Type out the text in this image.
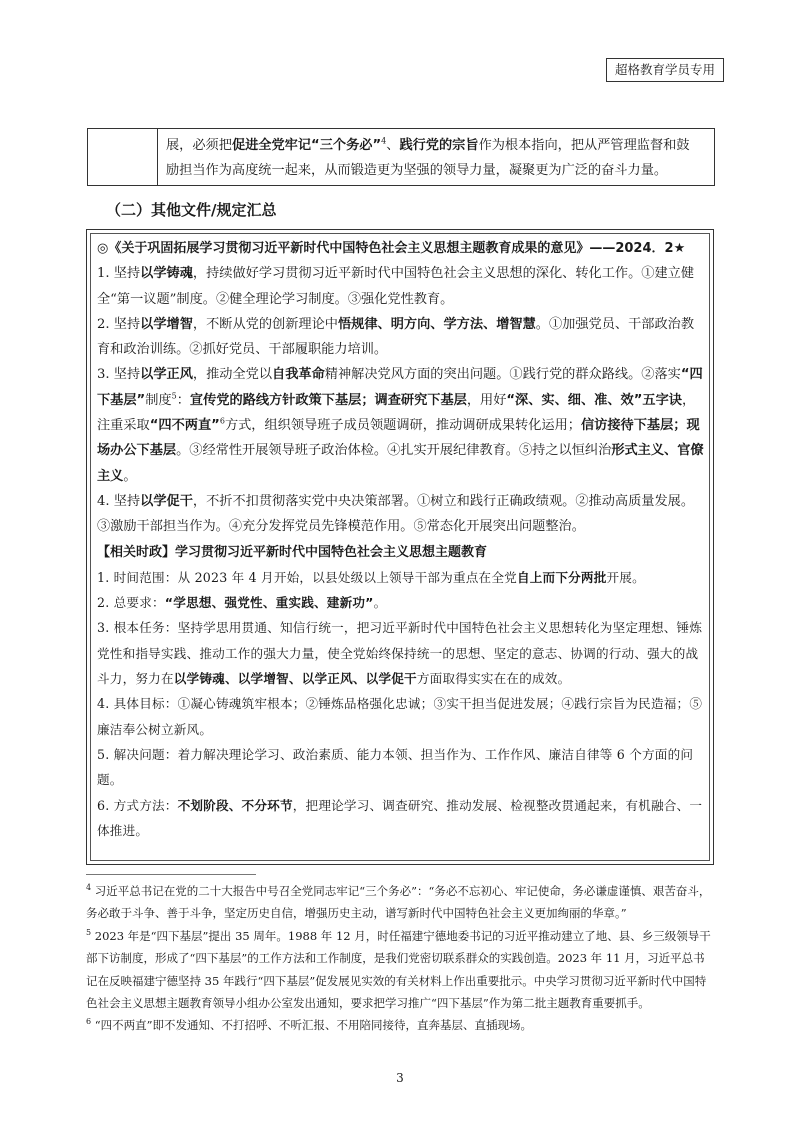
超格教育学员专用
展，必须把促进全党牢记“三个务必”$^4$、践行党的宗旨作为根本指向，把从严管理监督和鼓
励担当作为高度统一起来，从而锻造更为坚强的领导力量，凝聚更为广泛的奋斗力量。
（二）其他文件/规定汇总

◎《关于巩固拓展学习贯彻习近平新时代中国特色社会主义思想主题教育成果的意见》——2024．2★

1. 坚持以学铸魂，持续做好学习贯彻习近平新时代中国特色社会主义思想的深化、转化工作。①建立健全“第一议题”制度。②健全理论学习制度。③强化党性教育。

2. 坚持以学增智，不断从党的创新理论中悟规律、明方向、学方法、增智慧。①加强党员、干部政治教育和政治训练。②抓好党员、干部履职能力培训。

3. 坚持以学正风，推动全党以自我革命精神解决党风方面的突出问题。①践行党的群众路线。②落实“四下基层”制度$^5$：宣传党的路线方针政策下基层；调查研究下基层，用好“深、实、细、准、效”五字诀，注重采取“四不两直”$^6$方式，组织领导班子成员领题调研，推动调研成果转化运用；信访接待下基层；现场办公下基层。③经常性开展领导班子政治体检。④扎实开展纪律教育。⑤持之以恒纠治形式主义、官僚主义。

4. 坚持以学促干，不折不扣贯彻落实党中央决策部署。①树立和践行正确政绩观。②推动高质量发展。③激励干部担当作为。④充分发挥党员先锋模范作用。⑤常态化开展突出问题整治。

【相关时政】学习贯彻习近平新时代中国特色社会主义思想主题教育

1. 时间范围：从 2023 年 4 月开始，以县处级以上领导干部为重点在全党自上而下分两批开展。

2. 总要求：“学思想、强党性、重实践、建新功”。

3. 根本任务：坚持学思用贯通、知信行统一，把习近平新时代中国特色社会主义思想转化为坚定理想、锤炼党性和指导实践、推动工作的强大力量，使全党始终保持统一的思想、坚定的意志、协调的行动、强大的战斗力，努力在以学铸魂、以学增智、以学正风、以学促干方面取得实实在在的成效。

4. 具体目标：①凝心铸魂筑牢根本；②锤炼品格强化忠诚；③实干担当促进发展；④践行宗旨为民造福；⑤廉洁奉公树立新风。

5. 解决问题：着力解决理论学习、政治素质、能力本领、担当作为、工作作风、廉洁自律等 6 个方面的问题。

6. 方式方法：不划阶段、不分环节，把理论学习、调查研究、推动发展、检视整改贯通起来，有机融合、一体推进。

$^4$ 习近平总书记在党的二十大报告中号召全党同志牢记“三个务必”：“务必不忘初心、牢记使命，务必谦虚谨慎、艰苦奋斗，务必敢于斗争、善于斗争，坚定历史自信，增强历史主动，谱写新时代中国特色社会主义更加绚丽的华章。”

$^5$ 2023 年是“四下基层”提出 35 周年。1988 年 12 月，时任福建宁德地委书记的习近平推动建立了地、县、乡三级领导干部下访制度，形成了“四下基层”的工作方法和工作制度，是我们党密切联系群众的实践创造。2023 年 11 月，习近平总书记在反映福建宁德坚持 35 年践行“四下基层”促发展见实效的有关材料上作出重要批示。中央学习贯彻习近平新时代中国特色社会主义思想主题教育领导小组办公室发出通知，要求把学习推广“四下基层”作为第二批主题教育重要抓手。

$^6$ “四不两直”即不发通知、不打招呼、不听汇报、不用陪同接待，直奔基层、直插现场。

3
